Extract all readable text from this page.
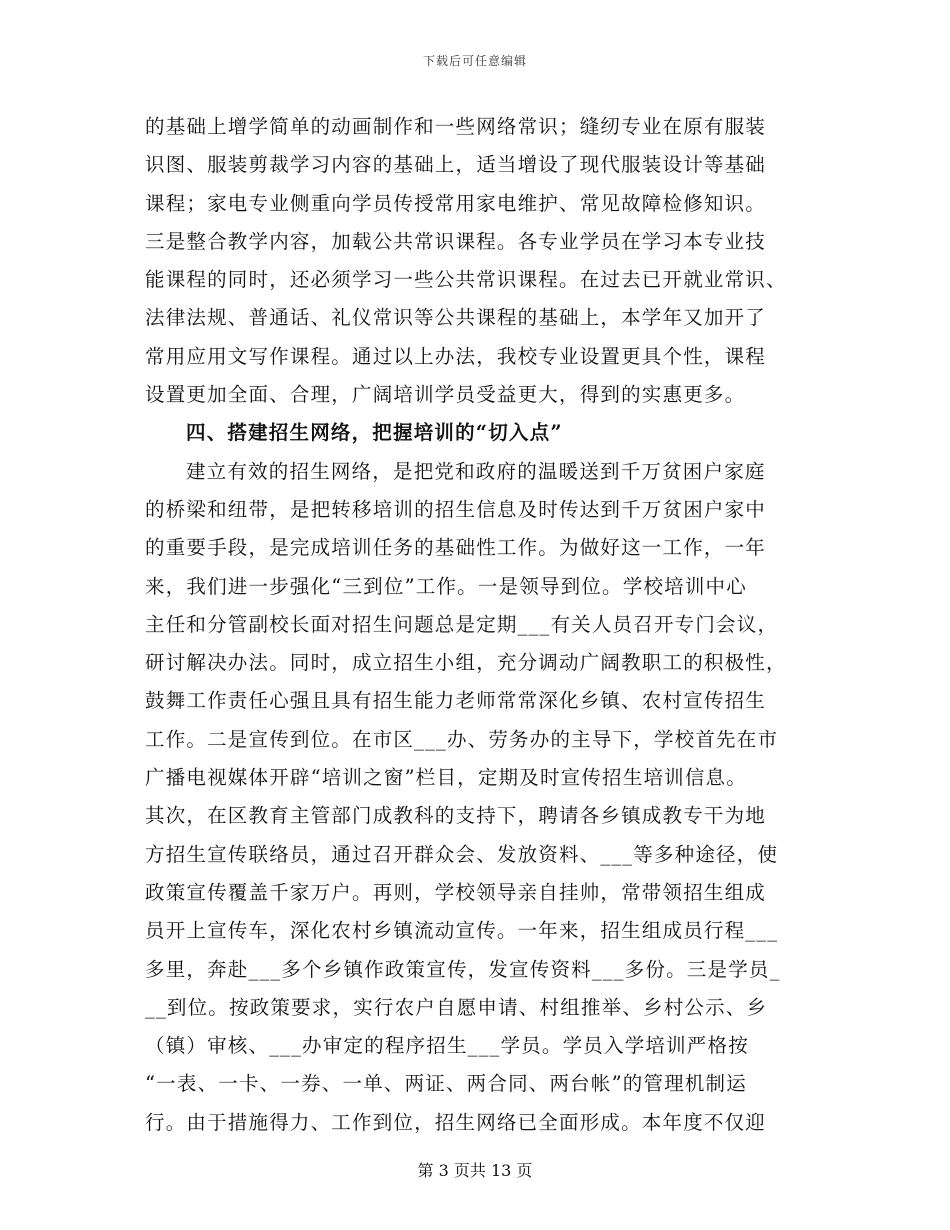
下载后可任意编辑
的基础上增学简单的动画制作和一些网络常识；缝纫专业在原有服装
识图、服装剪裁学习内容的基础上，适当增设了现代服装设计等基础
课程；家电专业侧重向学员传授常用家电维护、常见故障检修知识。
三是整合教学内容，加载公共常识课程。各专业学员在学习本专业技
能课程的同时，还必须学习一些公共常识课程。在过去已开就业常识、
法律法规、普通话、礼仪常识等公共课程的基础上，本学年又加开了
常用应用文写作课程。通过以上办法，我校专业设置更具个性，课程
设置更加全面、合理，广阔培训学员受益更大，得到的实惠更多。
四、搭建招生网络，把握培训的“切入点”
建立有效的招生网络，是把党和政府的温暖送到千万贫困户家庭
的桥梁和纽带，是把转移培训的招生信息及时传达到千万贫困户家中
的重要手段，是完成培训任务的基础性工作。为做好这一工作，一年
来，我们进一步强化“三到位”工作。一是领导到位。学校培训中心
主任和分管副校长面对招生问题总是定期___有关人员召开专门会议，
研讨解决办法。同时，成立招生小组，充分调动广阔教职工的积极性，
鼓舞工作责任心强且具有招生能力老师常常深化乡镇、农村宣传招生
工作。二是宣传到位。在市区___办、劳务办的主导下，学校首先在市
广播电视媒体开辟“培训之窗”栏目，定期及时宣传招生培训信息。
其次，在区教育主管部门成教科的支持下，聘请各乡镇成教专干为地
方招生宣传联络员，通过召开群众会、发放资料、___等多种途径，使
政策宣传覆盖千家万户。再则，学校领导亲自挂帅，常带领招生组成
员开上宣传车，深化农村乡镇流动宣传。一年来，招生组成员行程___
多里，奔赴___多个乡镇作政策宣传，发宣传资料___多份。三是学员_
__到位。按政策要求，实行农户自愿申请、村组推举、乡村公示、乡
（镇）审核、___办审定的程序招生___学员。学员入学培训严格按
“一表、一卡、一券、一单、两证、两合同、两台帐”的管理机制运
行。由于措施得力、工作到位，招生网络已全面形成。本年度不仅迎
第 3 页共 13 页
